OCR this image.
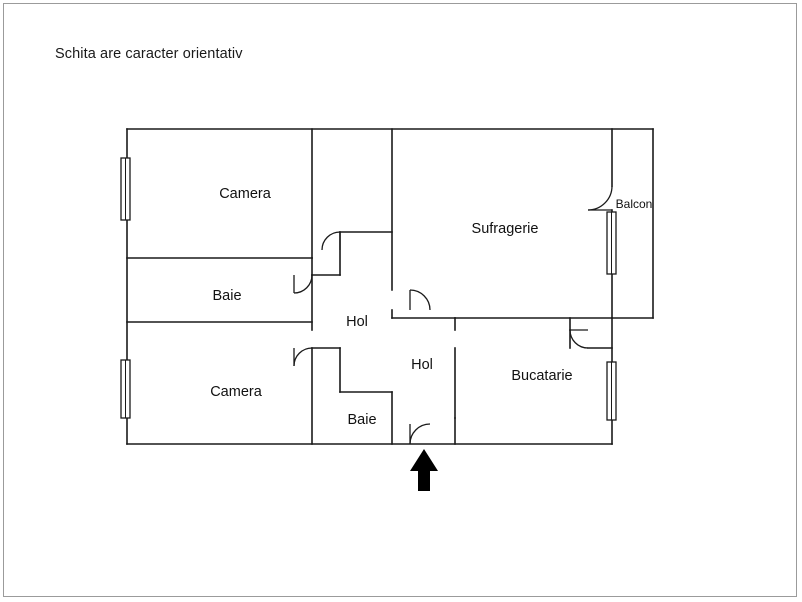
Schita are caracter orientativ
Camera
Baie
Camera
Hol
Hol
Baie
Sufragerie
Bucatarie
Balcon
